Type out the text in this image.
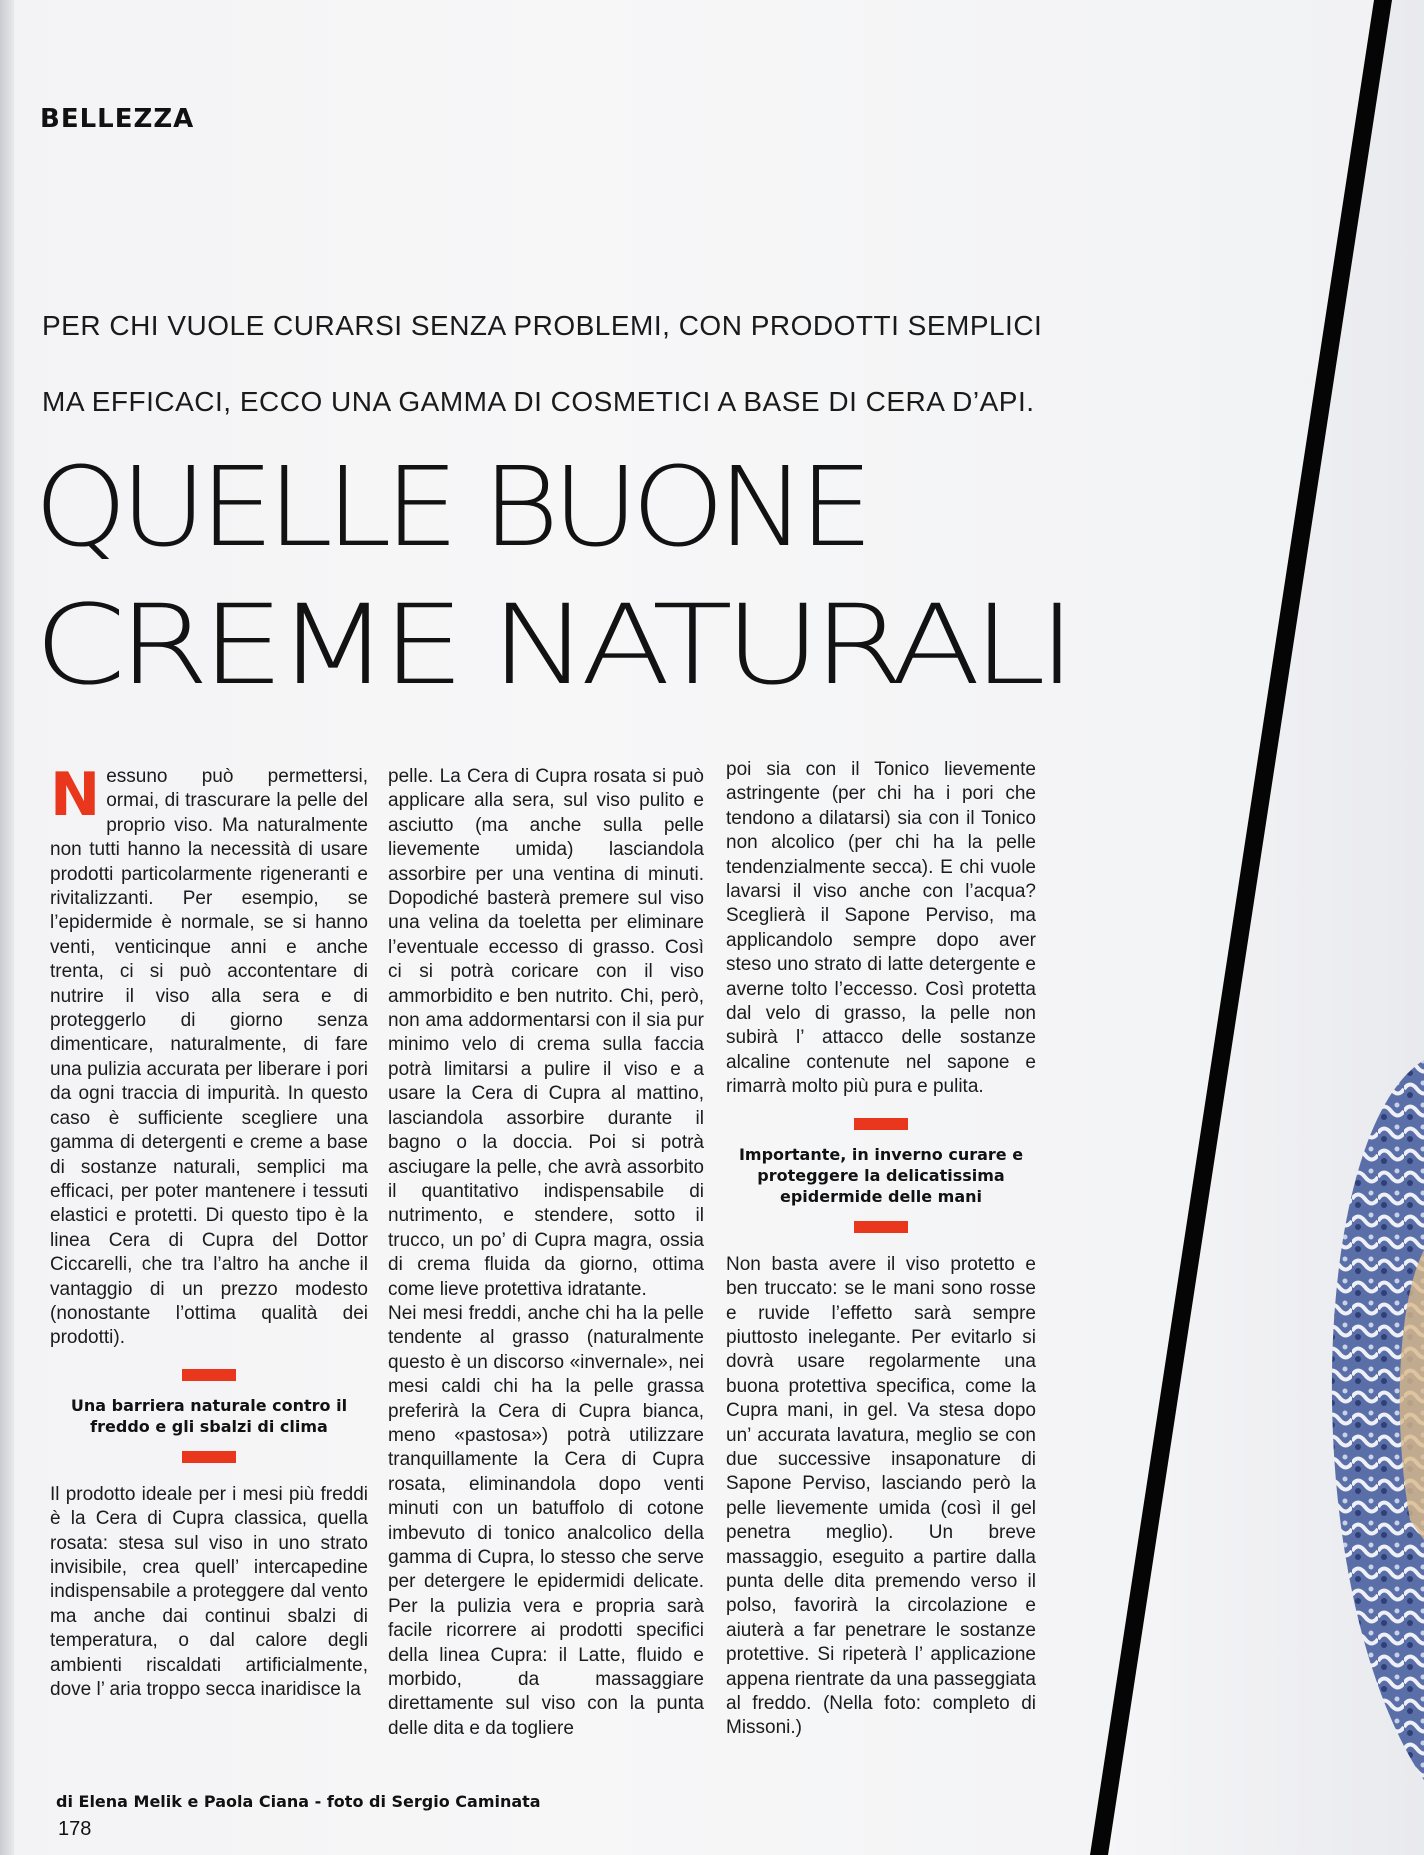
BELLEZZA
PER CHI VUOLE CURARSI SENZA PROBLEMI, CON PRODOTTI SEMPLICI
MA EFFICACI, ECCO UNA GAMMA DI COSMETICI A BASE DI CERA D’API.
QUELLE BUONE
CREME NATURALI

Nessuno può permettersi, ormai, di trascurare la pelle del proprio viso. Ma naturalmente non tutti hanno la necessità di usare prodotti particolarmente rigeneranti e rivitalizzanti. Per esempio, se l’epidermide è normale, se si hanno venti, venticinque anni e anche trenta, ci si può accontentare di nutrire il viso alla sera e di proteggerlo di giorno senza dimenticare, naturalmente, di fare una pulizia accurata per liberare i pori da ogni traccia di impurità. In questo caso è sufficiente scegliere una gamma di detergenti e creme a base di sostanze naturali, semplici ma efficaci, per poter mantenere i tessuti elastici e protetti. Di questo tipo è la linea Cera di Cupra del Dottor Ciccarelli, che tra l’altro ha anche il vantaggio di un prezzo modesto (nonostante l’ottima qualità dei prodotti).

Una barriera naturale contro il freddo e gli sbalzi di clima

Il prodotto ideale per i mesi più freddi è la Cera di Cupra classica, quella rosata: stesa sul viso in uno strato invisibile, crea quell’ intercapedine indispensabile a proteggere dal vento ma anche dai continui sbalzi di temperatura, o dal calore degli ambienti riscaldati artificialmente, dove l’ aria troppo secca inaridisce la

pelle. La Cera di Cupra rosata si può applicare alla sera, sul viso pulito e asciutto (ma anche sulla pelle lievemente umida) lasciandola assorbire per una ventina di minuti. Dopodiché basterà premere sul viso una velina da toeletta per eliminare l’eventuale eccesso di grasso. Così ci si potrà coricare con il viso ammorbidito e ben nutrito. Chi, però, non ama addormentarsi con il sia pur minimo velo di crema sulla faccia potrà limitarsi a pulire il viso e a usare la Cera di Cupra al mattino, lasciandola assorbire durante il bagno o la doccia. Poi si potrà asciugare la pelle, che avrà assorbito il quantitativo indispensabile di nutrimento, e stendere, sotto il trucco, un po’ di Cupra magra, ossia di crema fluida da giorno, ottima come lieve protettiva idratante.

Nei mesi freddi, anche chi ha la pelle tendente al grasso (naturalmente questo è un discorso «invernale», nei mesi caldi chi ha la pelle grassa preferirà la Cera di Cupra bianca, meno «pastosa») potrà utilizzare tranquillamente la Cera di Cupra rosata, eliminandola dopo venti minuti con un batuffolo di cotone imbevuto di tonico analcolico della gamma di Cupra, lo stesso che serve per detergere le epidermidi delicate. Per la pulizia vera e propria sarà facile ricorrere ai prodotti specifici della linea Cupra: il Latte, fluido e morbido, da massaggiare direttamente sul viso con la punta delle dita e da togliere

poi sia con il Tonico lievemente astringente (per chi ha i pori che tendono a dilatarsi) sia con il Tonico non alcolico (per chi ha la pelle tendenzialmente secca). E chi vuole lavarsi il viso anche con l’acqua? Sceglierà il Sapone Perviso, ma applicandolo sempre dopo aver steso uno strato di latte detergente e averne tolto l’eccesso. Così protetta dal velo di grasso, la pelle non subirà l’ attacco delle sostanze alcaline contenute nel sapone e rimarrà molto più pura e pulita.

Importante, in inverno curare e proteggere la delicatissima epidermide delle mani

Non basta avere il viso protetto e ben truccato: se le mani sono rosse e ruvide l’effetto sarà sempre piuttosto inelegante. Per evitarlo si dovrà usare regolarmente una buona protettiva specifica, come la Cupra mani, in gel. Va stesa dopo un’ accurata lavatura, meglio se con due successive insaponature di Sapone Perviso, lasciando però la pelle lievemente umida (così il gel penetra meglio). Un breve massaggio, eseguito a partire dalla punta delle dita premendo verso il polso, favorirà la circolazione e aiuterà a far penetrare le sostanze protettive. Si ripeterà l’ applicazione appena rientrate da una passeggiata al freddo. (Nella foto: completo di Missoni.)

di Elena Melik e Paola Ciana - foto di Sergio Caminata
178
